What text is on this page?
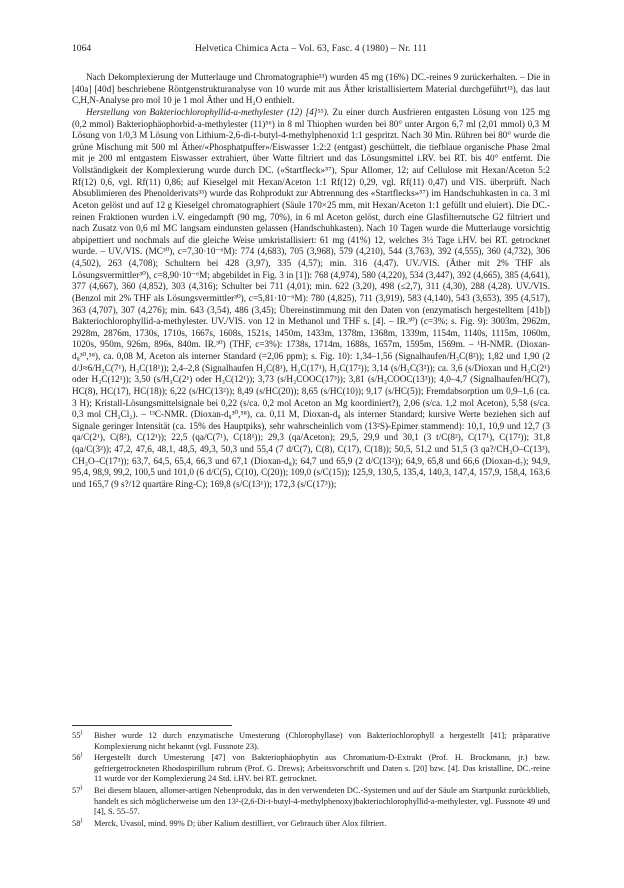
1064	Helvetica Chimica Acta – Vol. 63, Fasc. 4 (1980) – Nr. 111

Nach Dekomplexierung der Mutterlauge und Chromatographie¹³) wurden 45 mg (16%) DC.-reines 9 zurückerhalten. – Die in [40a] [40d] beschriebene Röntgenstrukturanalyse von 10 wurde mit aus Äther kristallisiertem Material durchgeführt¹³), das laut C,H,N-Analyse pro mol 10 je 1 mol Äther und H₂O enthielt.

Herstellung von Bakteriochlorophyllid-a-methylester (12) [4]⁵⁵). Zu einer durch Ausfrieren entgasten Lösung von 125 mg (0,2 mmol) Bakteriophäophorbid-a-methylester (11)⁵⁶) in 8 ml Thiophen wurden bei 80° unter Argon 6,7 ml (2,01 mmol) 0,3 M Lösung von 1/0,3 M Lösung von Lithium-2,6-di-t-butyl-4-methylphenoxid 1:1 gespritzt. Nach 30 Min. Rühren bei 80° wurde die grüne Mischung mit 500 ml Äther/«Phosphatpuffer»/Eiswasser 1:2:2 (entgast) geschüttelt, die tiefblaue organische Phase 2mal mit je 200 ml entgastem Eiswasser extrahiert, über Watte filtriert und das Lösungsmittel i.RV. bei RT. bis 40° entfernt. Die Vollständigkeit der Komplexierung wurde durch DC. («Startfleck»⁵⁷), Spur Allomer, 12; auf Cellulose mit Hexan/Aceton 5:2 Rf(12) 0,6, vgl. Rf(11) 0,86; auf Kieselgel mit Hexan/Aceton 1:1 Rf(12) 0,29, vgl. Rf(11) 0,47) und VIS. überprüft. Nach Absublimieren des Phenolderivats³³) wurde das Rohprodukt zur Abtrennung des «Startflecks»⁵⁷) im Handschuhkasten in ca. 3 ml Aceton gelöst und auf 12 g Kieselgel chromatographiert (Säule 170×25 mm, mit Hexan/Aceton 1:1 gefüllt und eluiert). Die DC.-reinen Fraktionen wurden i.V. eingedampft (90 mg, 70%), in 6 ml Aceton gelöst, durch eine Glasfilternutsche G2 filtriert und nach Zusatz von 0,6 ml MC langsam eindunsten gelassen (Handschuhkasten). Nach 10 Tagen wurde die Mutterlauge vorsichtig abpipettiert und nochmals auf die gleiche Weise umkristallisiert: 61 mg (41%) 12, welches 3½ Tage i.HV. bei RT. getrocknet wurde. – UV./VIS. (MC³⁰), c=7,30·10⁻⁶M): 774 (4,683), 705 (3,968), 579 (4,210), 544 (3,763), 392 (4,555), 360 (4,732), 306 (4,502), 263 (4,708); Schultern bei 428 (3,97), 335 (4,57); min. 316 (4,47). UV./VIS. (Äther mit 2% THF als Lösungsvermittler³⁰), c=8,90·10⁻⁶M; abgebildet in Fig. 3 in [1]): 768 (4,974), 580 (4,220), 534 (3,447), 392 (4,665), 385 (4,641), 377 (4,667), 360 (4,852), 303 (4,316); Schulter bei 711 (4,01); min. 622 (3,20), 498 (≤2,7), 311 (4,30), 288 (4,28). UV./VIS. (Benzol mit 2% THF als Lösungsvermittler³⁰), c=5,81·10⁻⁶M): 780 (4,825), 711 (3,919), 583 (4,140), 543 (3,653), 395 (4,517), 363 (4,707), 307 (4,276); min. 643 (3,54), 486 (3,45); Übereinstimmung mit den Daten von (enzymatisch hergestelltem [41b]) Bakteriochlorophyllid-a-methylester. UV./VIS. von 12 in Methanol und THF s. [4]. – IR.³⁰) (c=3%; s. Fig. 9): 3003m, 2962m, 2928m, 2876m, 1730s, 1710s, 1667s, 1608s, 1521s, 1450m, 1433m, 1378m, 1368m, 1339m, 1154m, 1140s, 1115m, 1060m, 1020s, 950m, 926m, 896s, 840m. IR.³⁰) (THF, c=3%): 1738s, 1714m, 1688s, 1657m, 1595m, 1569m. – ¹H-NMR. (Dioxan-d₈³⁰,⁵⁸), ca. 0,08 M, Aceton als interner Standard (=2,06 ppm); s. Fig. 10): 1,34–1,56 (Signalhaufen/H₃C(8²)); 1,82 und 1,90 (2 d/J≈6/H₃C(7¹), H₃C(18¹)); 2,4–2,8 (Signalhaufen H₂C(8¹), H₂C(17¹), H₂C(17²)); 3,14 (s/H₃C(3²)); ca. 3,6 (s/Dioxan und H₃C(2¹) oder H₃C(12¹)); 3,50 (s/H₃C(2¹) oder H₃C(12¹)); 3,73 (s/H₃COOC(17³)); 3,81 (s/H₃COOC(13³)); 4,0–4,7 (Signalhaufen/HC(7), HC(8), HC(17), HC(18)); 6,22 (s/HC(13²)); 8,49 (s/HC(20)); 8,65 (s/HC(10)); 9,17 (s/HC(5)); Fremdabsorption um 0,9–1,6 (ca. 3 H); Kristall-Lösungsmittelsignale bei 0,22 (s/ca. 0,2 mol Aceton an Mg koordiniert?), 2,06 (s/ca. 1,2 mol Aceton), 5,58 (s/ca. 0,3 mol CH₂Cl₂). – ¹³C-NMR. (Dioxan-d₈³⁰,⁵⁸), ca. 0,11 M, Dioxan-d₈ als interner Standard; kursive Werte beziehen sich auf Signale geringer Intensität (ca. 15% des Hauptpiks), sehr wahrscheinlich vom (13²S)-Epimer stammend): 10,1, 10,9 und 12,7 (3 qa/C(2¹), C(8²), C(12¹)); 22,5 (qa/C(7¹), C(18¹)); 29,3 (qa/Aceton); 29,5, 29,9 und 30,1 (3 t/C(8²), C(17¹), C(17²)); 31,8 (qa/C(3²)); 47,2, 47,6, 48,1, 48,5, 49,3, 50,3 und 55,4 (7 d/C(7), C(8), C(17), C(18)); 50,5, 51,2 und 51,5 (3 qa?/CH₃O–C(13³), CH₃O–C(17³)); 63,7, 64,5, 65,4, 66,3 und 67,1 (Dioxan-d₈); 64,7 und 65,9 (2 d/C(13²)); 64,9, 65,8 und 66,6 (Dioxan-d₇); 94,9, 95,4, 98,9, 99,2, 100,5 und 101,0 (6 d/C(5), C(10), C(20)); 109,0 (s/C(15)); 125,9, 130,5, 135,4, 140,3, 147,4, 157,9, 158,4, 163,6 und 165,7 (9 s?/12 quartäre Ring-C); 169,8 (s/C(13¹)); 172,3 (s/C(17³));

55) Bisher wurde 12 durch enzymatische Umesterung (Chlorophyllase) von Bakteriochlorophyll a hergestellt [41]; präparative Komplexierung nicht bekannt (vgl. Fussnote 23).
56) Hergestellt durch Umesterung [47] von Bakteriophäophytin aus Chromatium-D-Extrakt (Prof. H. Brockmann, jr.) bzw. gefriergetrockneten Rhodospirillum rubrum (Prof. G. Drews); Arbeitsvorschrift und Daten s. [20] bzw. [4]. Das kristalline, DC.-reine 11 wurde vor der Komplexierung 24 Std. i.HV. bei RT. getrocknet.
57) Bei diesem blauen, allomer-artigen Nebenprodukt, das in den verwendeten DC.-Systemen und auf der Säule am Startpunkt zurückblieb, handelt es sich möglicherweise um den 13²-(2,6-Di-t-butyl-4-methylphenoxy)bakteriochlorophyllid-a-methylester, vgl. Fussnote 49 und [4], S. 55–57.
58) Merck, Uvasol, mind. 99% D; über Kalium destilliert, vor Gebrauch über Alox filtriert.
